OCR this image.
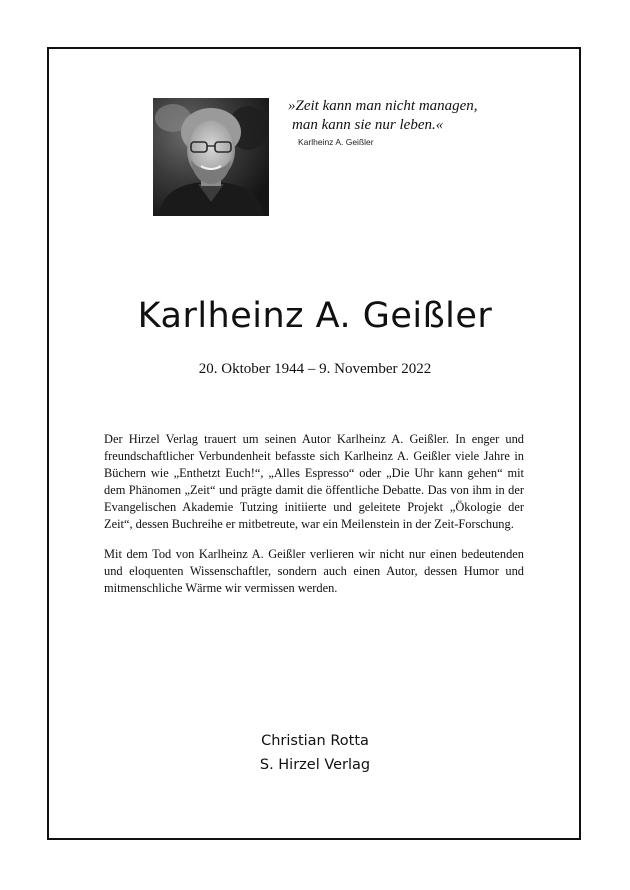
»Zeit kann man nicht managen,
man kann sie nur leben.«
Karlheinz A. Geißler
Karlheinz A. Geißler
20. Oktober 1944 – 9. November 2022

Der Hirzel Verlag trauert um seinen Autor Karlheinz A. Geißler. In enger und freundschaftlicher Verbundenheit befasste sich Karlheinz A. Geißler viele Jahre in Büchern wie „Enthetzt Euch!“, „Alles Espresso“ oder „Die Uhr kann gehen“ mit dem Phänomen „Zeit“ und prägte damit die öffentliche Debatte. Das von ihm in der Evangelischen Akademie Tutzing initiierte und geleitete Projekt „Ökologie der Zeit“, dessen Buchreihe er mitbetreute, war ein Meilenstein in der Zeit-Forschung.

Mit dem Tod von Karlheinz A. Geißler verlieren wir nicht nur einen bedeutenden und eloquenten Wissenschaftler, sondern auch einen Autor, dessen Humor und mitmenschliche Wärme wir vermissen werden.

Christian Rotta
S. Hirzel Verlag
